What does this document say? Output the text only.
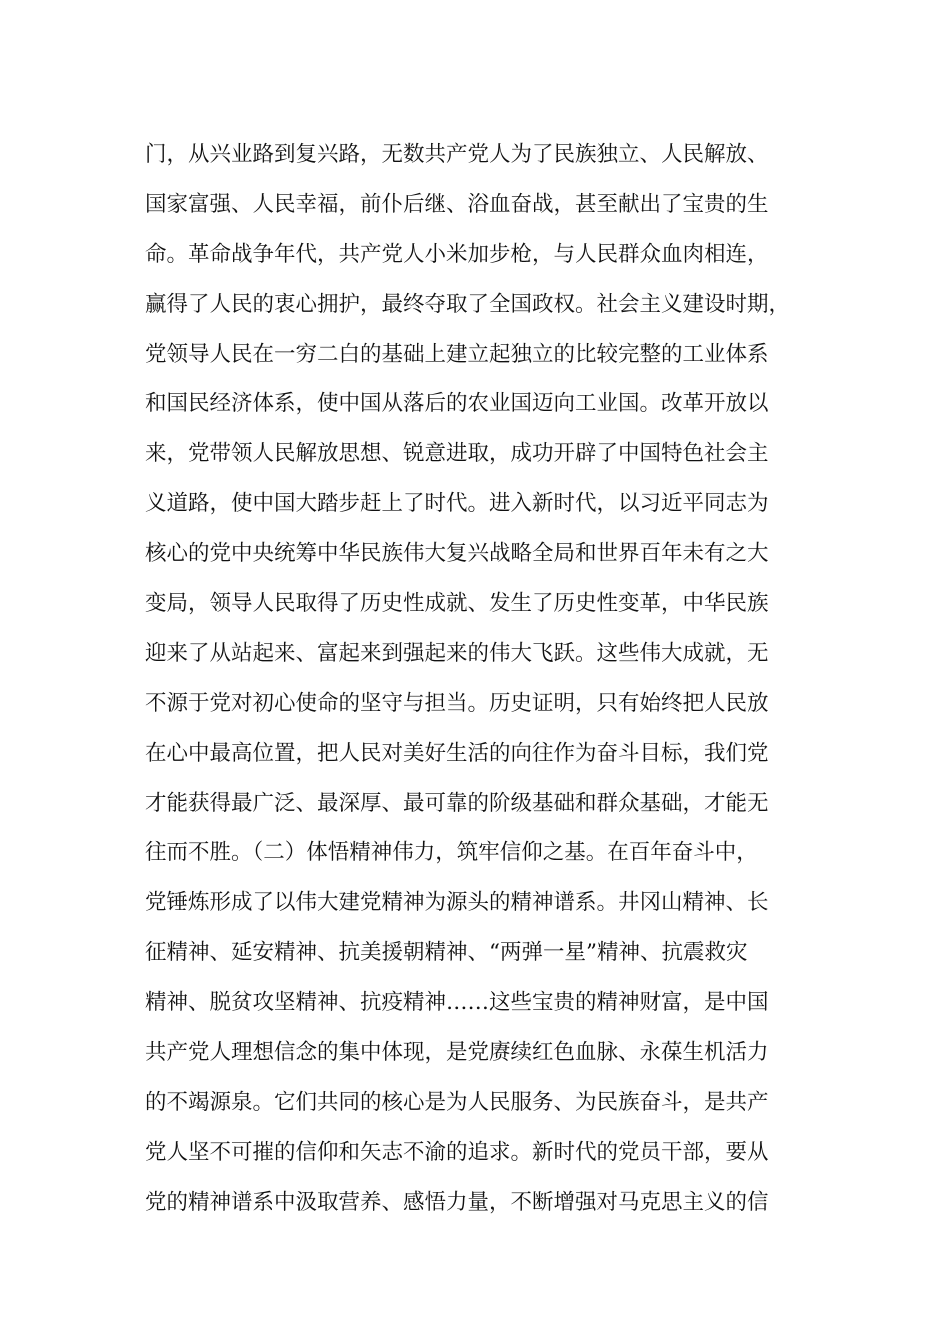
门，从兴业路到复兴路，无数共产党人为了民族独立、人民解放、
国家富强、人民幸福，前仆后继、浴血奋战，甚至献出了宝贵的生
命。革命战争年代，共产党人小米加步枪，与人民群众血肉相连，
赢得了人民的衷心拥护，最终夺取了全国政权。社会主义建设时期，
党领导人民在一穷二白的基础上建立起独立的比较完整的工业体系
和国民经济体系，使中国从落后的农业国迈向工业国。改革开放以
来，党带领人民解放思想、锐意进取，成功开辟了中国特色社会主
义道路，使中国大踏步赶上了时代。进入新时代，以习近平同志为
核心的党中央统筹中华民族伟大复兴战略全局和世界百年未有之大
变局，领导人民取得了历史性成就、发生了历史性变革，中华民族
迎来了从站起来、富起来到强起来的伟大飞跃。这些伟大成就，无
不源于党对初心使命的坚守与担当。历史证明，只有始终把人民放
在心中最高位置，把人民对美好生活的向往作为奋斗目标，我们党
才能获得最广泛、最深厚、最可靠的阶级基础和群众基础，才能无
往而不胜。（二）体悟精神伟力，筑牢信仰之基。在百年奋斗中，
党锤炼形成了以伟大建党精神为源头的精神谱系。井冈山精神、长
征精神、延安精神、抗美援朝精神、“两弹一星”精神、抗震救灾
精神、脱贫攻坚精神、抗疫精神……这些宝贵的精神财富，是中国
共产党人理想信念的集中体现，是党赓续红色血脉、永葆生机活力
的不竭源泉。它们共同的核心是为人民服务、为民族奋斗，是共产
党人坚不可摧的信仰和矢志不渝的追求。新时代的党员干部，要从
党的精神谱系中汲取营养、感悟力量，不断增强对马克思主义的信
